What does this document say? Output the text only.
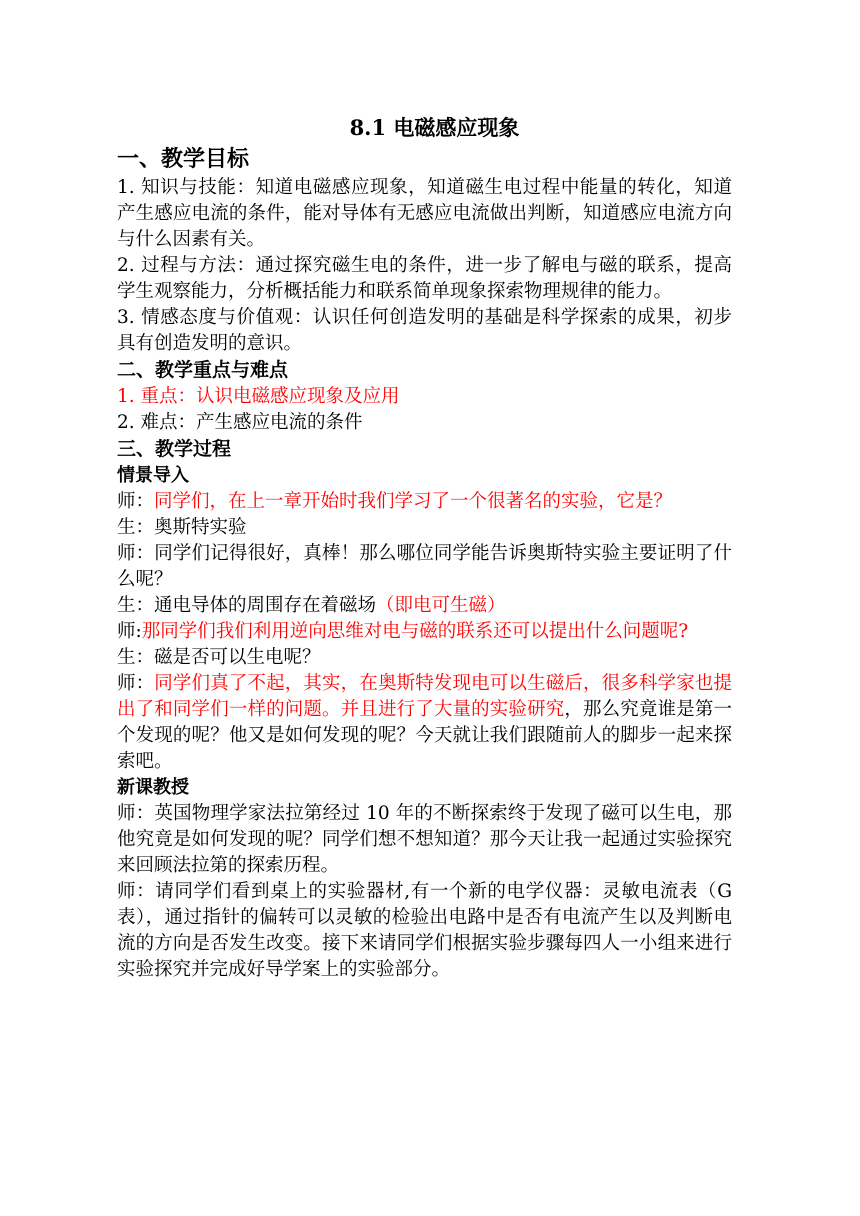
8.1 电磁感应现象

一、教学目标

1. 知识与技能：知道电磁感应现象，知道磁生电过程中能量的转化，知道产生感应电流的条件，能对导体有无感应电流做出判断，知道感应电流方向与什么因素有关。

2. 过程与方法：通过探究磁生电的条件，进一步了解电与磁的联系，提高学生观察能力，分析概括能力和联系简单现象探索物理规律的能力。

3. 情感态度与价值观：认识任何创造发明的基础是科学探索的成果，初步具有创造发明的意识。

二、教学重点与难点

1. 重点：认识电磁感应现象及应用

2. 难点：产生感应电流的条件

三、教学过程

情景导入

师：同学们，在上一章开始时我们学习了一个很著名的实验，它是？

生：奥斯特实验

师：同学们记得很好，真棒！那么哪位同学能告诉奥斯特实验主要证明了什么呢？

生：通电导体的周围存在着磁场（即电可生磁）

师:那同学们我们利用逆向思维对电与磁的联系还可以提出什么问题呢?

生：磁是否可以生电呢？

师：同学们真了不起，其实，在奥斯特发现电可以生磁后，很多科学家也提出了和同学们一样的问题。并且进行了大量的实验研究，那么究竟谁是第一个发现的呢？他又是如何发现的呢？今天就让我们跟随前人的脚步一起来探索吧。

新课教授

师：英国物理学家法拉第经过 10 年的不断探索终于发现了磁可以生电，那他究竟是如何发现的呢？同学们想不想知道？那今天让我一起通过实验探究来回顾法拉第的探索历程。

师：请同学们看到桌上的实验器材,有一个新的电学仪器：灵敏电流表（G 表），通过指针的偏转可以灵敏的检验出电路中是否有电流产生以及判断电流的方向是否发生改变。接下来请同学们根据实验步骤每四人一小组来进行实验探究并完成好导学案上的实验部分。
